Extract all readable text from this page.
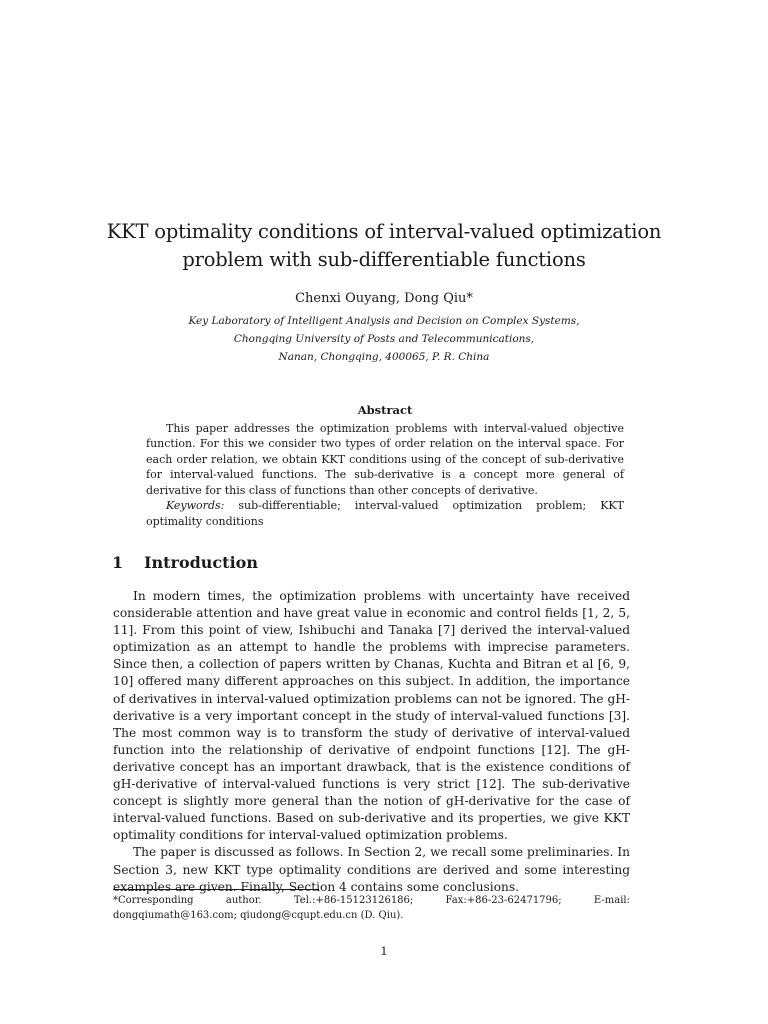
KKT optimality conditions of interval-valued optimization
problem with sub-differentiable functions
Chenxi Ouyang, Dong Qiu*
Key Laboratory of Intelligent Analysis and Decision on Complex Systems,
Chongqing University of Posts and Telecommunications,
Nanan, Chongqing, 400065, P. R. China
Abstract

This paper addresses the optimization problems with interval-valued objective function. For this we consider two types of order relation on the interval space. For each order relation, we obtain KKT conditions using of the concept of sub-derivative for interval-valued functions. The sub-derivative is a concept more general of derivative for this class of functions than other concepts of derivative.

Keywords: sub-differentiable; interval-valued optimization problem; KKT optimality conditions

1 Introduction

In modern times, the optimization problems with uncertainty have received considerable attention and have great value in economic and control fields [1, 2, 5, 11]. From this point of view, Ishibuchi and Tanaka [7] derived the interval-valued optimization as an attempt to handle the problems with imprecise parameters. Since then, a collection of papers written by Chanas, Kuchta and Bitran et al [6, 9, 10] offered many different approaches on this subject. In addition, the importance of derivatives in interval-valued optimization problems can not be ignored. The gH-derivative is a very important concept in the study of interval-valued functions [3]. The most common way is to transform the study of derivative of interval-valued function into the relationship of derivative of endpoint functions [12]. The gH-derivative concept has an important drawback, that is the existence conditions of gH-derivative of interval-valued functions is very strict [12]. The sub-derivative concept is slightly more general than the notion of gH-derivative for the case of interval-valued functions. Based on sub-derivative and its properties, we give KKT optimality conditions for interval-valued optimization problems.

The paper is discussed as follows. In Section 2, we recall some preliminaries. In Section 3, new KKT type optimality conditions are derived and some interesting examples are given. Finally, Section 4 contains some conclusions.

*Corresponding author. Tel.:+86-15123126186; Fax:+86-23-62471796; E-mail: dongqiumath@163.com; qiudong@cqupt.edu.cn (D. Qiu).
1
